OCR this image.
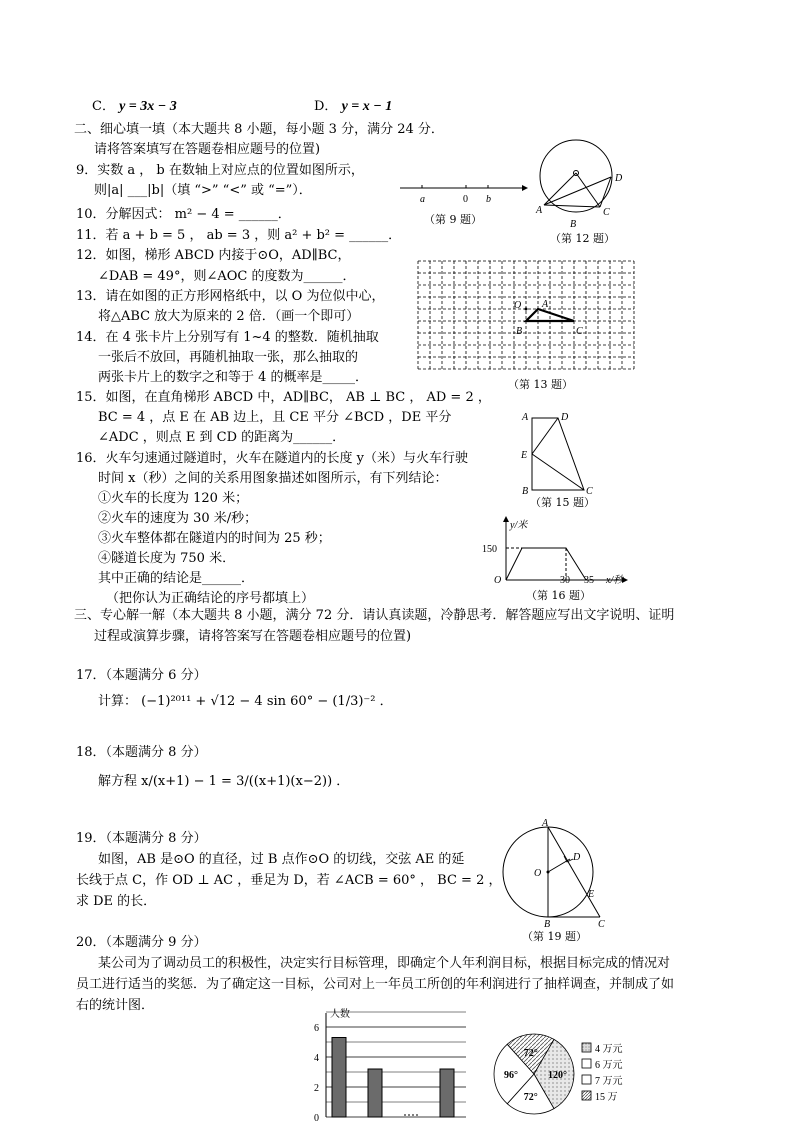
C． y = 3x − 3	D． y = x − 1
二、细心填一填（本大题共 8 小题，每小题 3 分，满分 24 分．
请将答案填写在答题卷相应题号的位置)
9．实数 a ， b 在数轴上对应点的位置如图所示，
则|a| ___|b|（填 “>” “<” 或 “=”）．
a	0 b
（第 9 题）
10．分解因式： m² − 4 = ______．
11．若 a + b = 5 ， ab = 3 ，则 a² + b² = ______．
A
B
C
D
（第 12 题）
12．如图，梯形 ABCD 内接于⊙O，AD∥BC，
∠DAB = 49°，则∠AOC 的度数为______．
O A
B	C
（第 13 题）
13．请在如图的正方形网格纸中，以 O 为位似中心，
将△ABC 放大为原来的 2 倍．（画一个即可）
14．在 4 张卡片上分别写有 1~4 的整数．随机抽取
一张后不放回，再随机抽取一张，那么抽取的
两张卡片上的数字之和等于 4 的概率是_____．
15．如图，在直角梯形 ABCD 中，AD∥BC， AB ⊥ BC ， AD = 2 ，
BC = 4 ，点 E 在 AB 边上，且 CE 平分 ∠BCD ，DE 平分
∠ADC ，则点 E 到 CD 的距离为______．
A	D
E
B	C
（第 15 题）
16．火车匀速通过隧道时，火车在隧道内的长度 y（米）与火车行驶
时间 x（秒）之间的关系用图象描述如图所示，有下列结论：
①火车的长度为 120 米；
②火车的速度为 30 米/秒；
③火车整体都在隧道内的时间为 25 秒；
④隧道长度为 750 米．
其中正确的结论是______．
（把你认为正确结论的序号都填上）
y/米
150
O	30 35 x/秒
（第 16 题）
三、专心解一解（本大题共 8 小题，满分 72 分．请认真读题，冷静思考．解答题应写出文字说明、证明
过程或演算步骤，请将答案写在答题卷相应题号的位置)
17．（本题满分 6 分）
计算： (−1)²⁰¹¹ + √12 − 4 sin 60° − (1/3)⁻² ．
18．（本题满分 8 分）
解方程 x/(x+1) − 1 = 3/((x+1)(x−2)) ．
19．（本题满分 8 分）
如图，AB 是⊙O 的直径，过 B 点作⊙O 的切线，交弦 AE 的延
长线于点 C，作 OD ⊥ AC ，垂足为 D，若 ∠ACB = 60° ， BC = 2 ，
求 DE 的长．
A
D
O
E
B	C
（第 19 题）
20．（本题满分 9 分）
某公司为了调动员工的积极性，决定实行目标管理，即确定个人年利润目标，根据目标完成的情况对
员工进行适当的奖惩．为了确定这一目标，公司对上一年员工所创的年利润进行了抽样调查，并制成了如
右的统计图．
人数
0
2
4
6
120°
72°
96°
72°	4 万元
6 万元
7 万元
15 万
